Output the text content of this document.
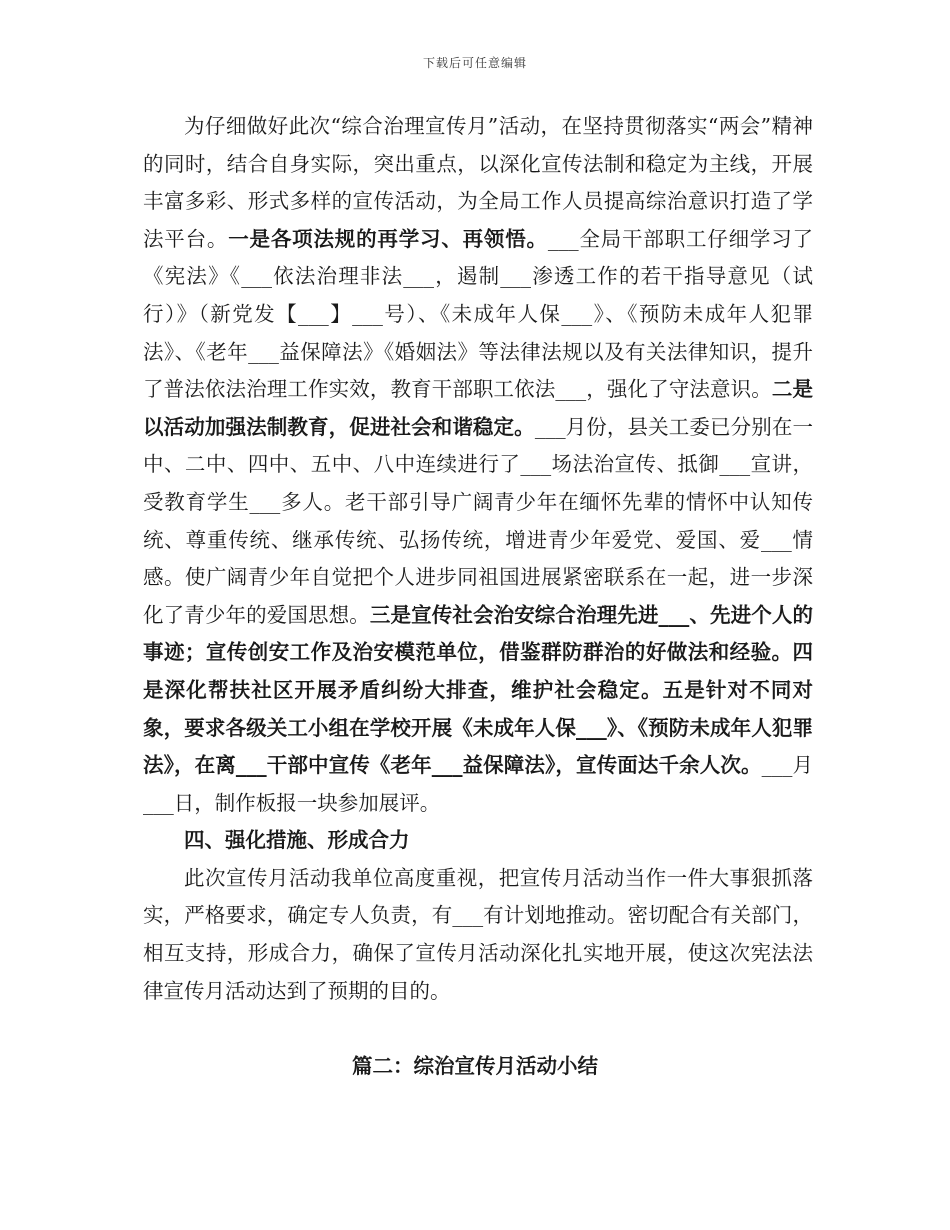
下载后可任意编辑

为仔细做好此次“综合治理宣传月”活动，在坚持贯彻落实“两会”精神的同时，结合自身实际，突出重点，以深化宣传法制和稳定为主线，开展丰富多彩、形式多样的宣传活动，为全局工作人员提高综治意识打造了学法平台。一是各项法规的再学习、再领悟。___全局干部职工仔细学习了《宪法》《___依法治理非法___，遏制___渗透工作的若干指导意见（试行）》（新党发【___】___号）、《未成年人保___》、《预防未成年人犯罪法》、《老年___益保障法》《婚姻法》等法律法规以及有关法律知识，提升了普法依法治理工作实效，教育干部职工依法___，强化了守法意识。二是以活动加强法制教育，促进社会和谐稳定。___月份，县关工委已分别在一中、二中、四中、五中、八中连续进行了___场法治宣传、抵御___宣讲，受教育学生___多人。老干部引导广阔青少年在缅怀先辈的情怀中认知传统、尊重传统、继承传统、弘扬传统，增进青少年爱党、爱国、爱___情感。使广阔青少年自觉把个人进步同祖国进展紧密联系在一起，进一步深化了青少年的爱国思想。三是宣传社会治安综合治理先进___、先进个人的事迹；宣传创安工作及治安模范单位，借鉴群防群治的好做法和经验。四是深化帮扶社区开展矛盾纠纷大排查，维护社会稳定。五是针对不同对象，要求各级关工小组在学校开展《未成年人保___》、《预防未成年人犯罪法》，在离___干部中宣传《老年___益保障法》，宣传面达千余人次。___月___日，制作板报一块参加展评。

四、强化措施、形成合力

此次宣传月活动我单位高度重视，把宣传月活动当作一件大事狠抓落实，严格要求，确定专人负责，有___有计划地推动。密切配合有关部门，相互支持，形成合力，确保了宣传月活动深化扎实地开展，使这次宪法法律宣传月活动达到了预期的目的。

篇二：综治宣传月活动小结
